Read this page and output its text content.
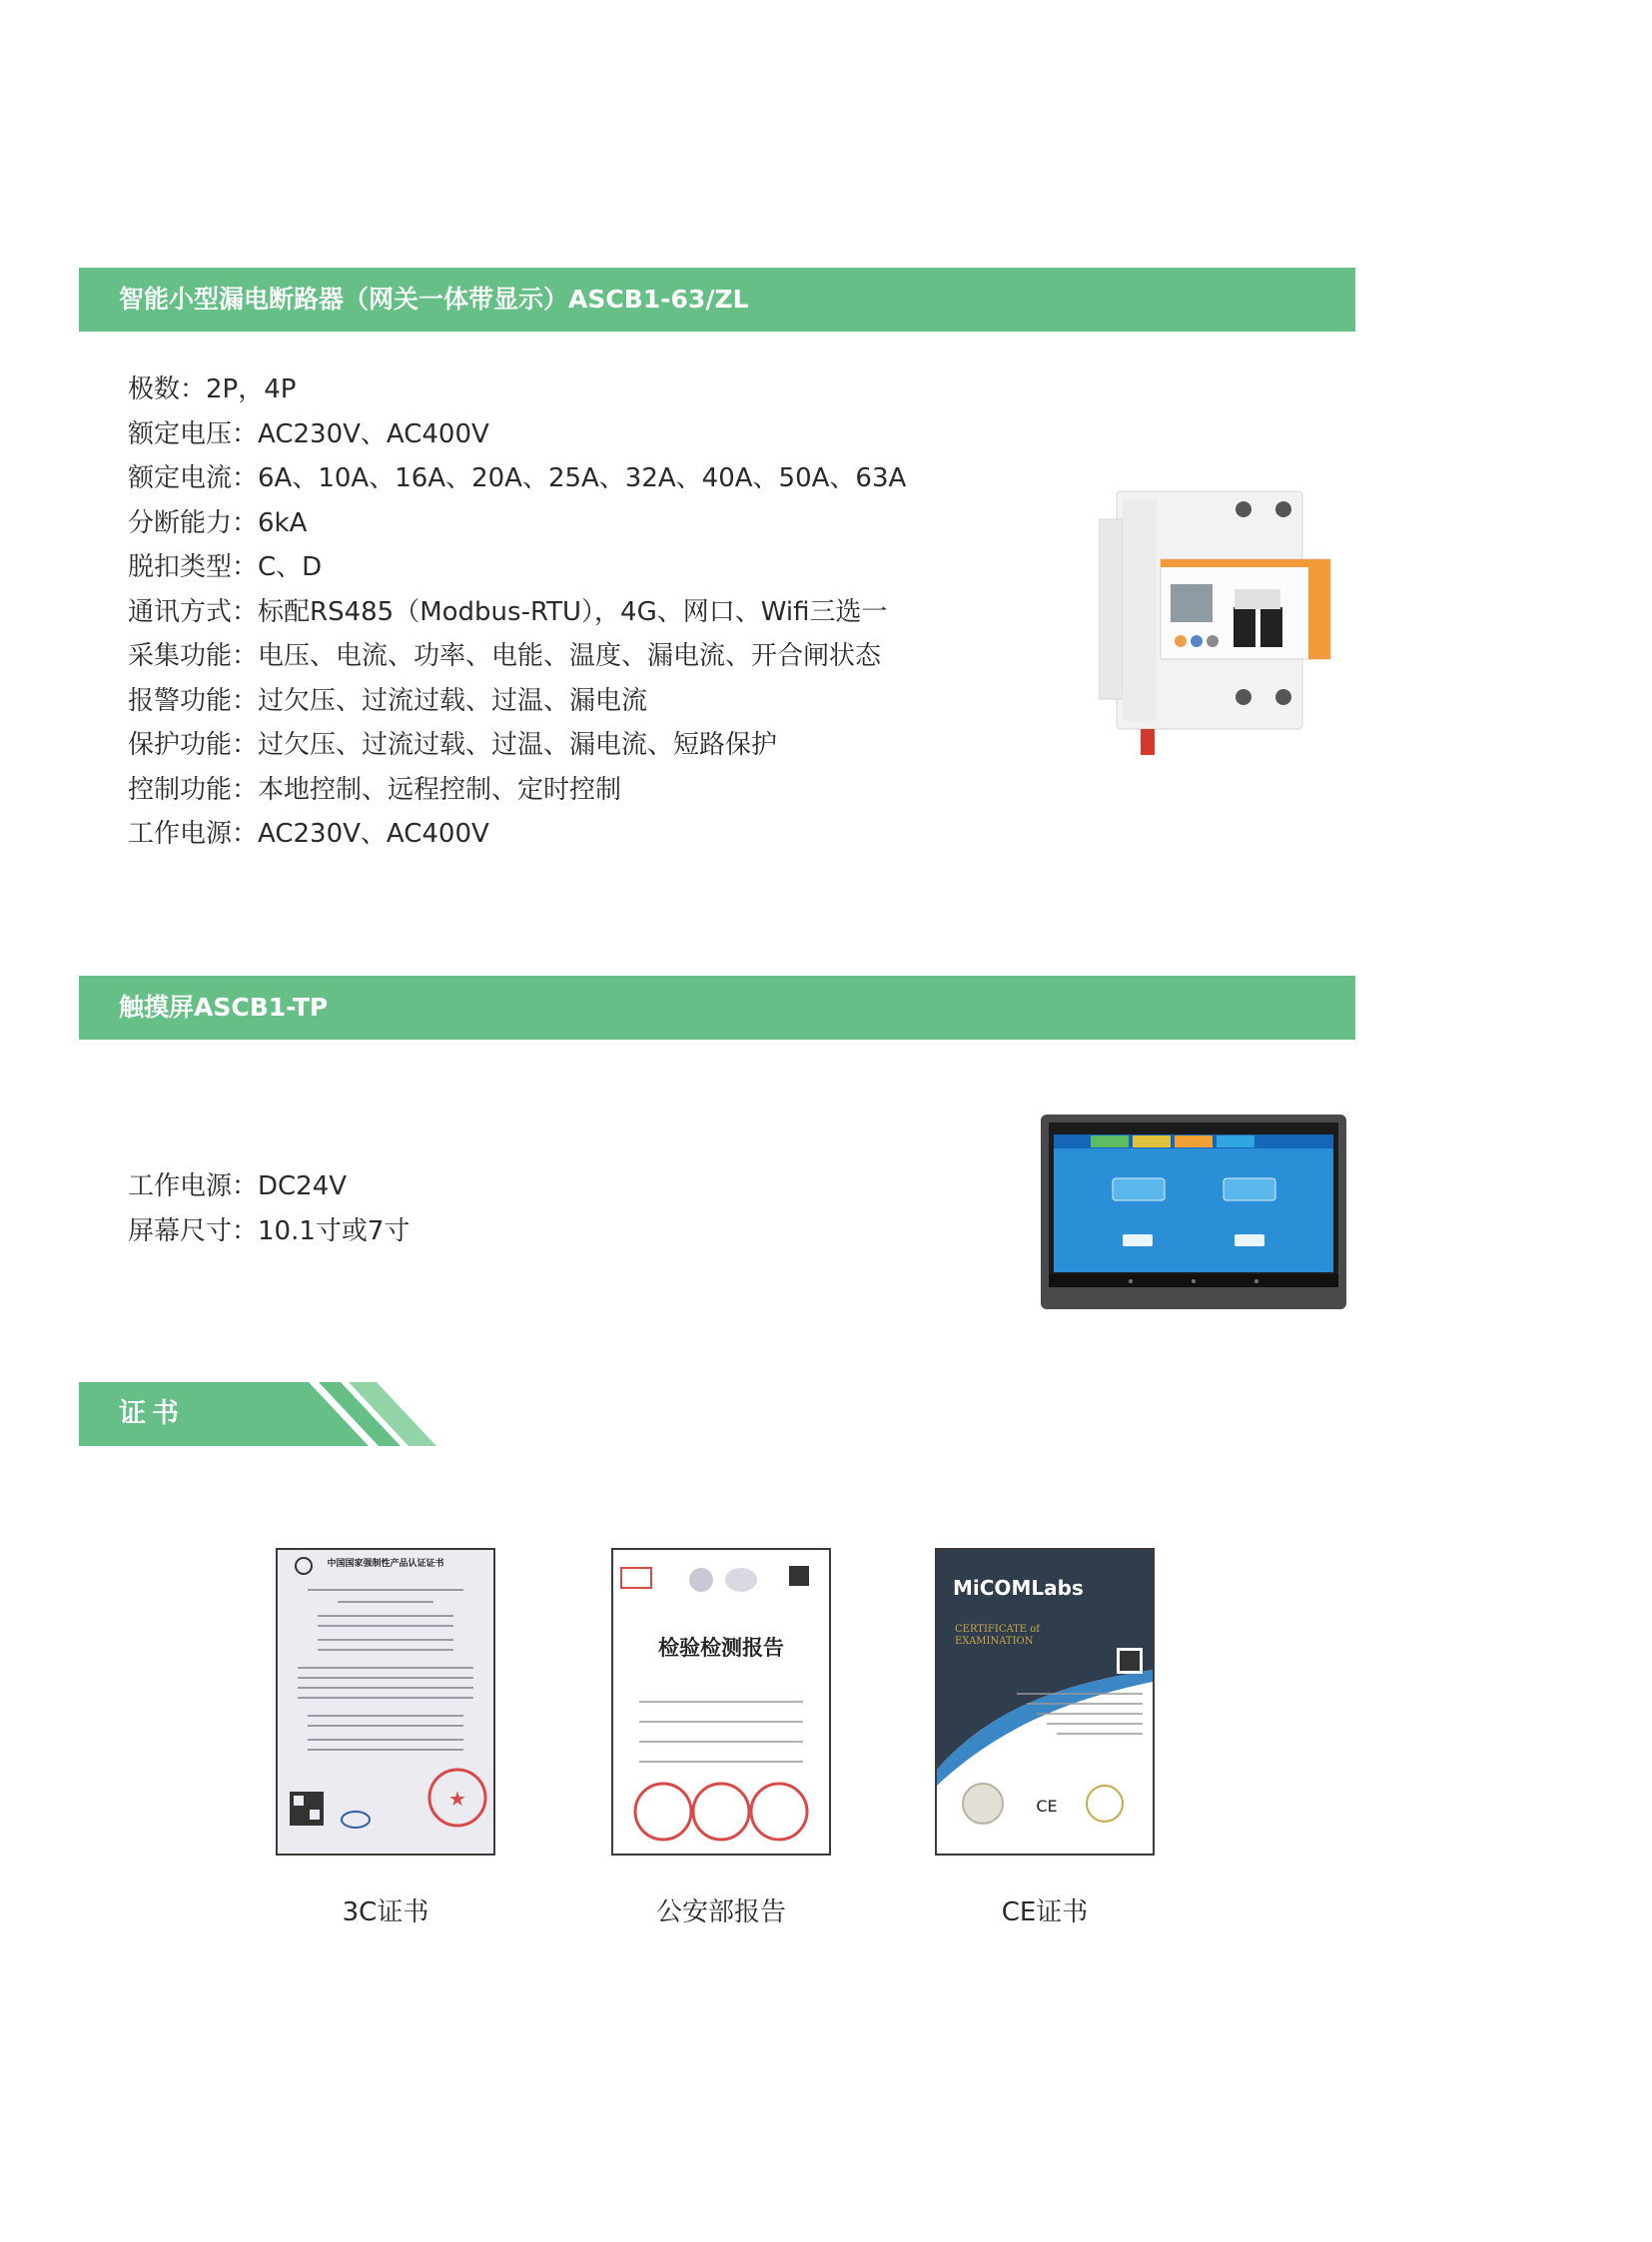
智能小型漏电断路器（网关一体带显示）ASCB1-63/ZL
极数：2P，4P
额定电压：AC230V、AC400V
额定电流：6A、10A、16A、20A、25A、32A、40A、50A、63A
分断能力：6kA
脱扣类型：C、D
通讯方式：标配RS485（Modbus-RTU），4G、网口、Wifi三选一
采集功能：电压、电流、功率、电能、温度、漏电流、开合闸状态
报警功能：过欠压、过流过载、过温、漏电流
保护功能：过欠压、过流过载、过温、漏电流、短路保护
控制功能：本地控制、远程控制、定时控制
工作电源：AC230V、AC400V
触摸屏ASCB1-TP
工作电源：DC24V
屏幕尺寸：10.1寸或7寸
证书
★
中国国家强制性产品认证证书
3C证书
检验检测报告
公安部报告
CE
MiCOMLabs
CERTIFICATE of EXAMINATION
CE证书
